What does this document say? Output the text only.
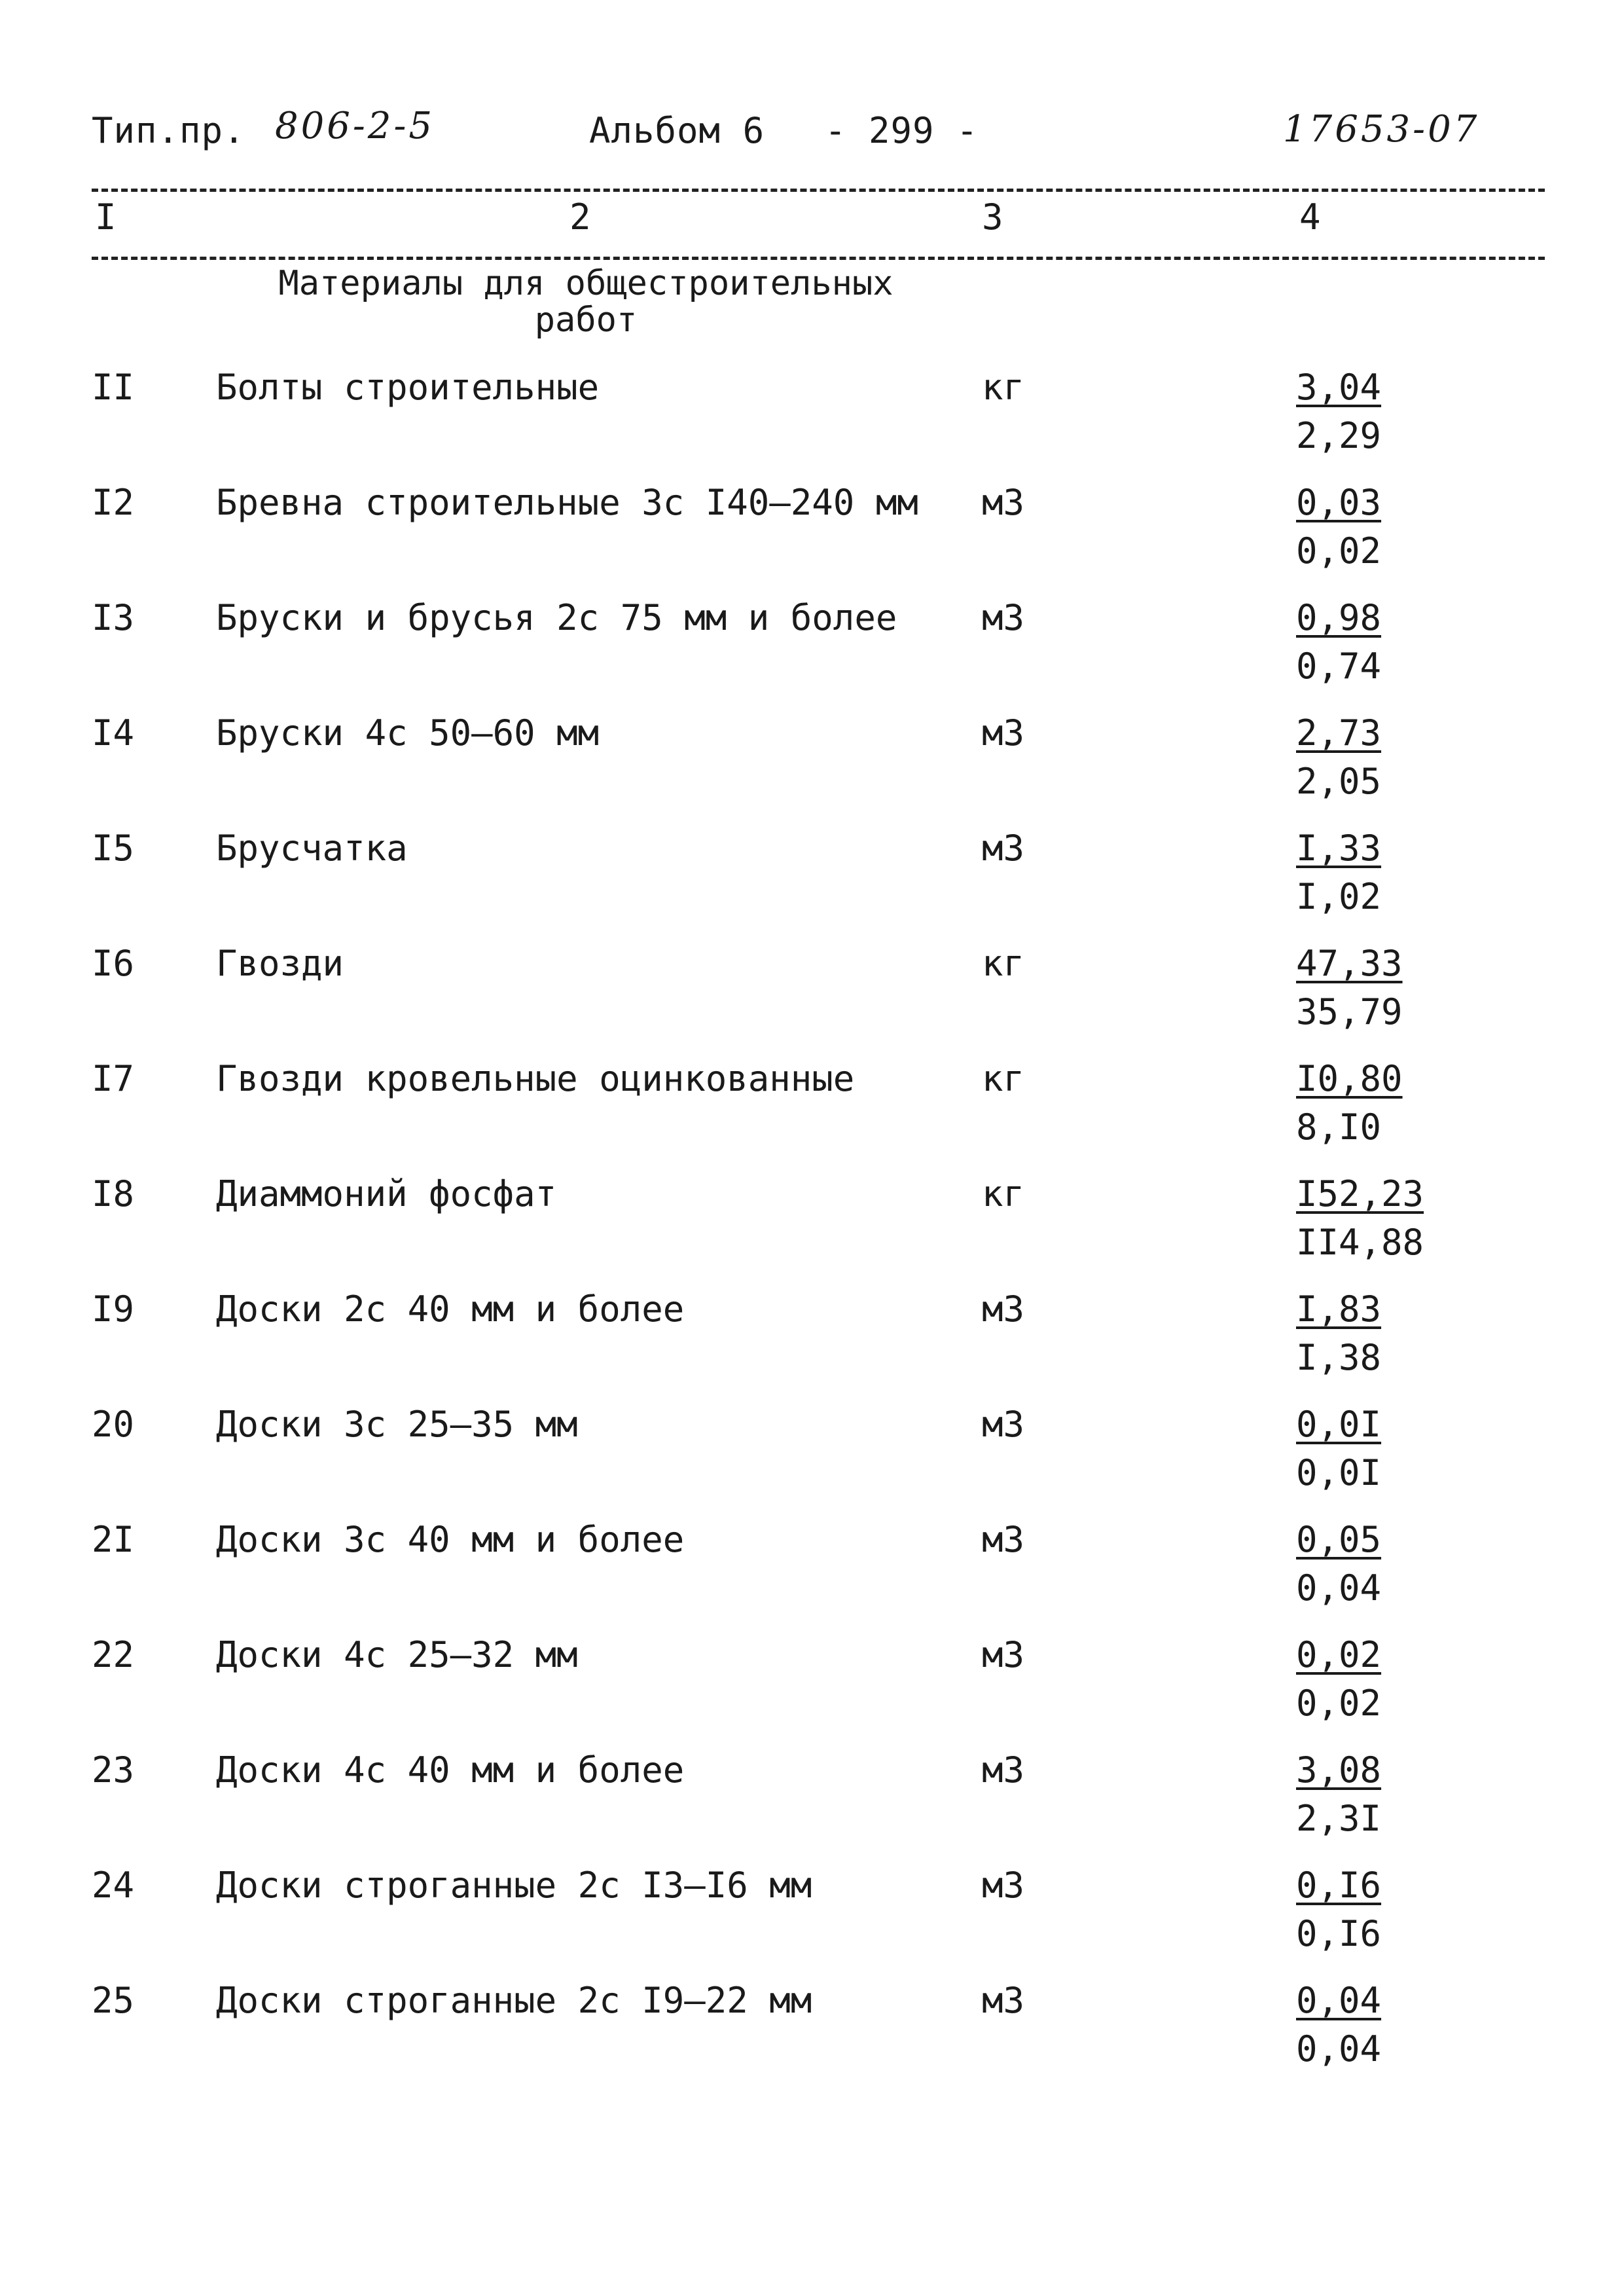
Тип.пр. 806-2-5	Альбом 6 - 299 -	17653-07
I	2	3	4
Материалы для общестроительных работ
II Болты строительные	кг	3,04
2,29
I2 Бревна строительные 3с I40–240 мм м3	0,03
0,02
I3 Бруски и брусья 2с 75 мм и более м3	0,98
0,74
I4 Бруски 4с 50–60 мм	м3	2,73
2,05
I5 Брусчатка	м3	I,33
I,02
I6 Гвозди	кг	47,33
35,79
I7 Гвозди кровельные оцинкованные	кг	I0,80
8,I0
I8 Диаммоний фосфат	кг	I52,23
II4,88
I9 Доски 2с 40 мм и более	м3	I,83
I,38
20 Доски 3с 25–35 мм	м3	0,0I
0,0I
2I Доски 3с 40 мм и более	м3	0,05
0,04
22 Доски 4с 25–32 мм	м3	0,02
0,02
23 Доски 4с 40 мм и более	м3	3,08
2,3I
24 Доски строганные 2с I3–I6 мм	м3	0,I6
0,I6
25 Доски строганные 2с I9–22 мм	м3	0,04
0,04
